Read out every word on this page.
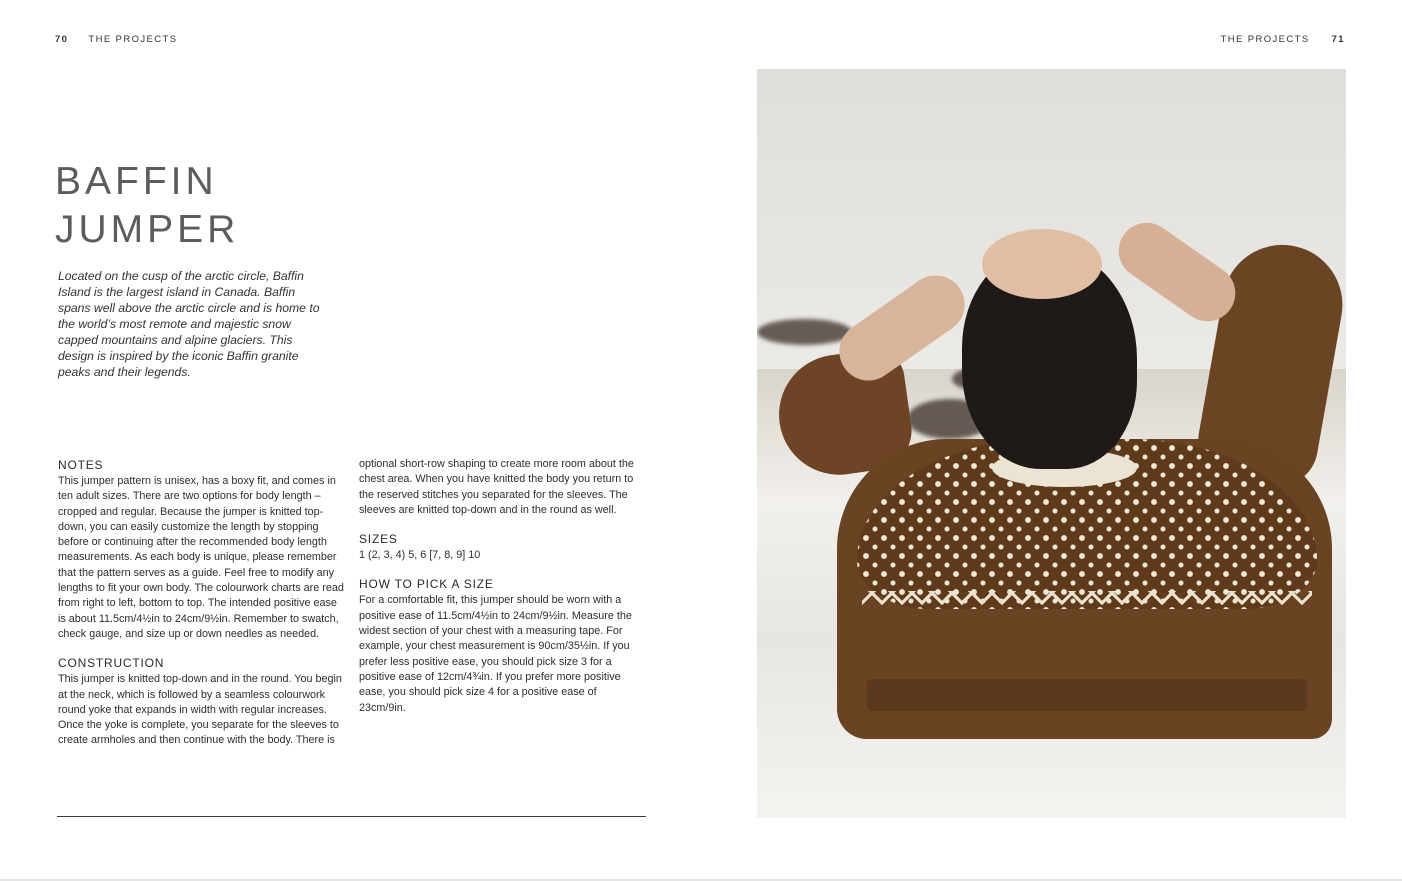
70 THE PROJECTS	THE PROJECTS 71
BAFFIN
JUMPER

Located on the cusp of the arctic circle, Baffin Island is the largest island in Canada. Baffin spans well above the arctic circle and is home to the world’s most remote and majestic snow capped mountains and alpine glaciers. This design is inspired by the iconic Baffin granite peaks and their legends.

NOTES

This jumper pattern is unisex, has a boxy fit, and comes in ten adult sizes. There are two options for body length – cropped and regular. Because the jumper is knitted top-down, you can easily customize the length by stopping before or continuing after the recommended body length measurements. As each body is unique, please remember that the pattern serves as a guide. Feel free to modify any lengths to fit your own body. The colourwork charts are read from right to left, bottom to top. The intended positive ease is about 11.5cm/4½in to 24cm/9½in. Remember to swatch, check gauge, and size up or down needles as needed.

CONSTRUCTION

This jumper is knitted top-down and in the round. You begin at the neck, which is followed by a seamless colourwork round yoke that expands in width with regular increases. Once the yoke is complete, you separate for the sleeves to create armholes and then continue with the body. There is

optional short-row shaping to create more room about the chest area. When you have knitted the body you return to the reserved stitches you separated for the sleeves. The sleeves are knitted top-down and in the round as well.

SIZES

1 (2, 3, 4) 5, 6 [7, 8, 9] 10

HOW TO PICK A SIZE

For a comfortable fit, this jumper should be worn with a positive ease of 11.5cm/4½in to 24cm/9½in. Measure the widest section of your chest with a measuring tape. For example, your chest measurement is 90cm/35½in. If you prefer less positive ease, you should pick size 3 for a positive ease of 12cm/4¾in. If you prefer more positive ease, you should pick size 4 for a positive ease of 23cm/9in.
